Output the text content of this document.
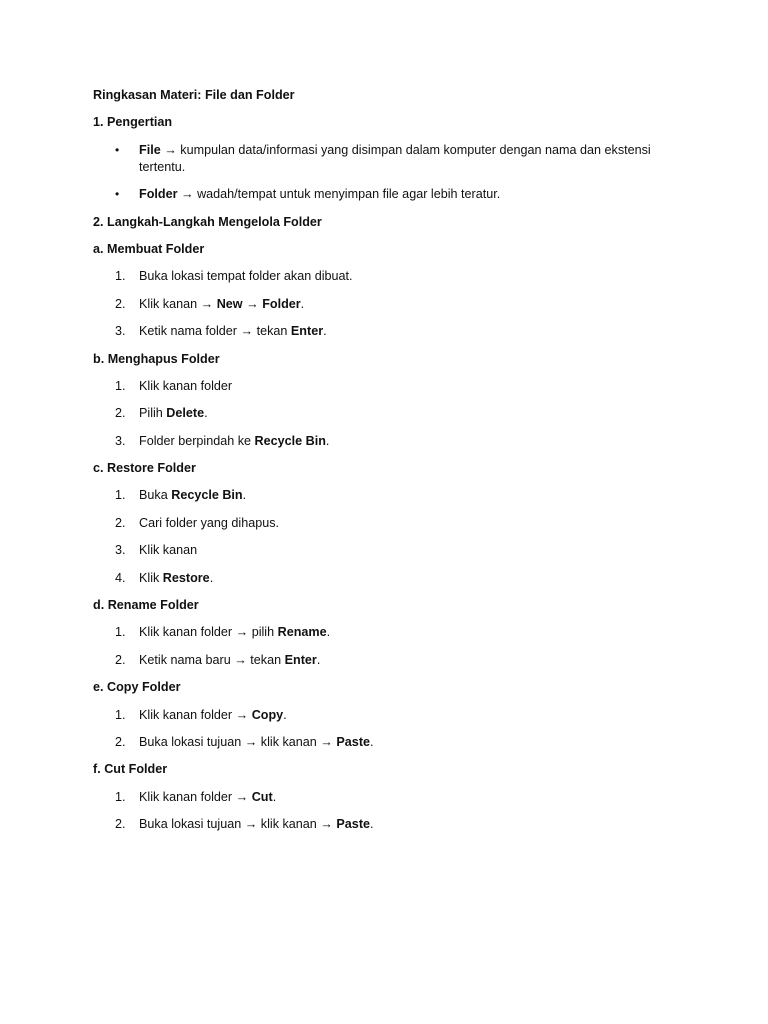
Ringkasan Materi: File dan Folder
1. Pengertian
• File → kumpulan data/informasi yang disimpan dalam komputer dengan nama dan ekstensi tertentu.
• Folder → wadah/tempat untuk menyimpan file agar lebih teratur.
2. Langkah-Langkah Mengelola Folder
a. Membuat Folder
1. Buka lokasi tempat folder akan dibuat.
2. Klik kanan → New → Folder.
3. Ketik nama folder → tekan Enter.
b. Menghapus Folder
1. Klik kanan folder
2. Pilih Delete.
3. Folder berpindah ke Recycle Bin.
c. Restore Folder
1. Buka Recycle Bin.
2. Cari folder yang dihapus.
3. Klik kanan
4. Klik Restore.
d. Rename Folder
1. Klik kanan folder → pilih Rename.
2. Ketik nama baru → tekan Enter.
e. Copy Folder
1. Klik kanan folder → Copy.
2. Buka lokasi tujuan → klik kanan → Paste.
f. Cut Folder
1. Klik kanan folder → Cut.
2. Buka lokasi tujuan → klik kanan → Paste.
